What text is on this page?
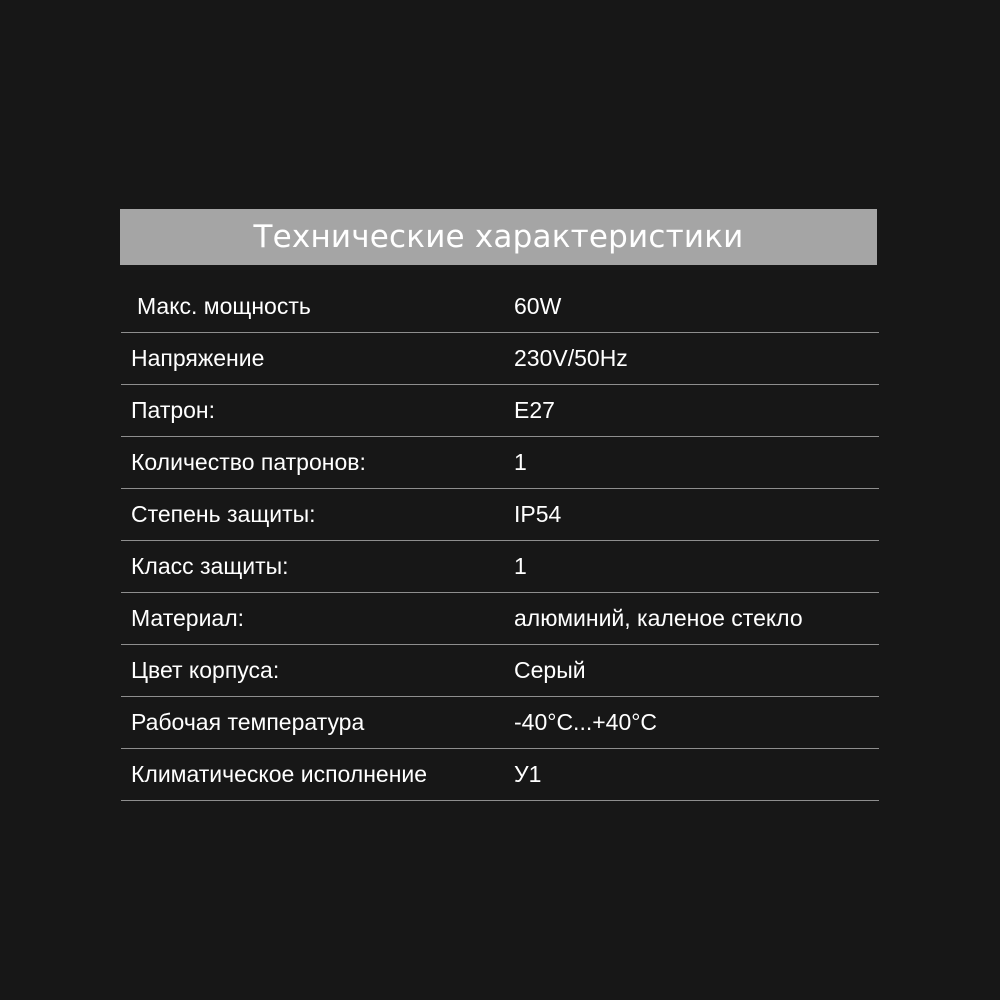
Технические характеристики
Макс. мощность	60W
Напряжение	230V/50Hz
Патрон:	E27
Количество патронов:	1
Степень защиты:	IP54
Класс защиты:	1
Материал:	алюминий, каленое стекло
Цвет корпуса:	Серый
Рабочая температура	-40°С...+40°С
Климатическое исполнение	У1
